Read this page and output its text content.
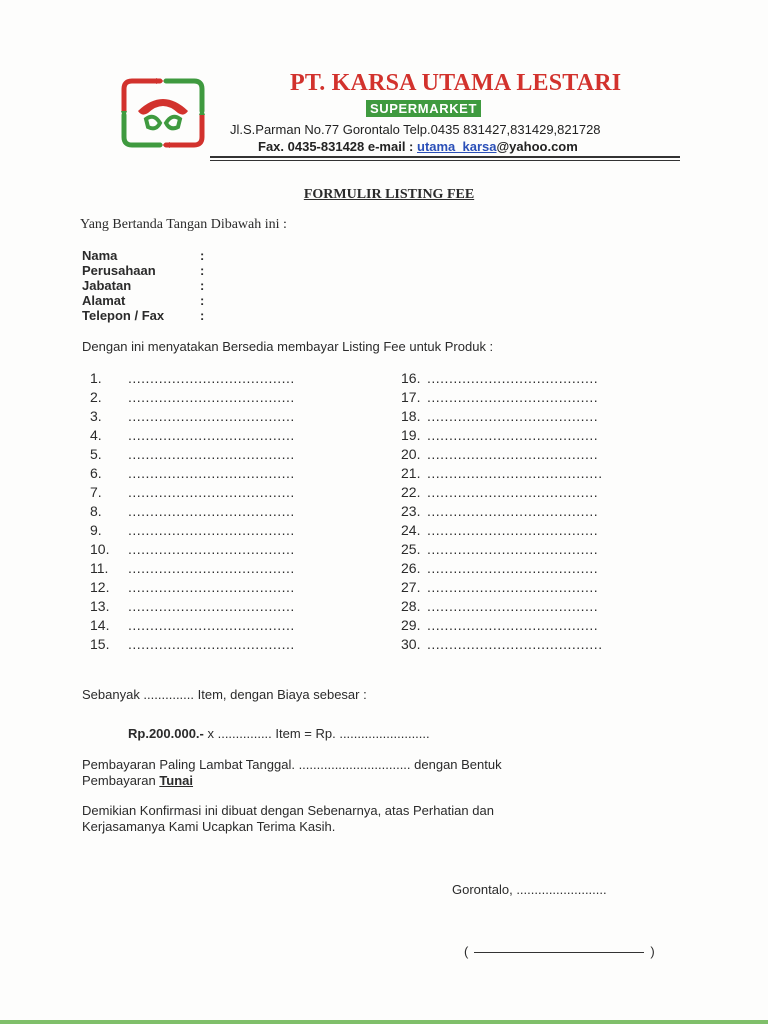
PT. KARSA UTAMA LESTARI
SUPERMARKET
Jl.S.Parman No.77 Gorontalo Telp.0435 831427,831429,821728
Fax. 0435-831428 e-mail : utama_karsa@yahoo.com
FORMULIR LISTING FEE
Yang Bertanda Tangan Dibawah ini :
Nama	:
Perusahaan	:
Jabatan	:
Alamat	:
Telepon / Fax	:
Dengan ini menyatakan Bersedia membayar Listing Fee untuk Produk :
1.	......................................
2.	......................................
3.	......................................
4.	......................................
5.	......................................
6.	......................................
7.	......................................
8.	......................................
9.	......................................
10.	......................................
11.	......................................
12.	......................................
13.	......................................
14.	......................................
15.	......................................
16. .......................................
17. .......................................
18. .......................................
19. .......................................
20. .......................................
21. ........................................
22. .......................................
23. .......................................
24. .......................................
25. .......................................
26. .......................................
27. .......................................
28. .......................................
29. .......................................
30. ........................................
Sebanyak .............. Item, dengan Biaya sebesar :
Rp.200.000.- x ............... Item = Rp. .........................
Pembayaran Paling Lambat Tanggal. ............................... dengan Bentuk
Pembayaran Tunai
Demikian Konfirmasi ini dibuat dengan Sebenarnya, atas Perhatian dan
Kerjasamanya Kami Ucapkan Terima Kasih.
Gorontalo, .........................
(	)
